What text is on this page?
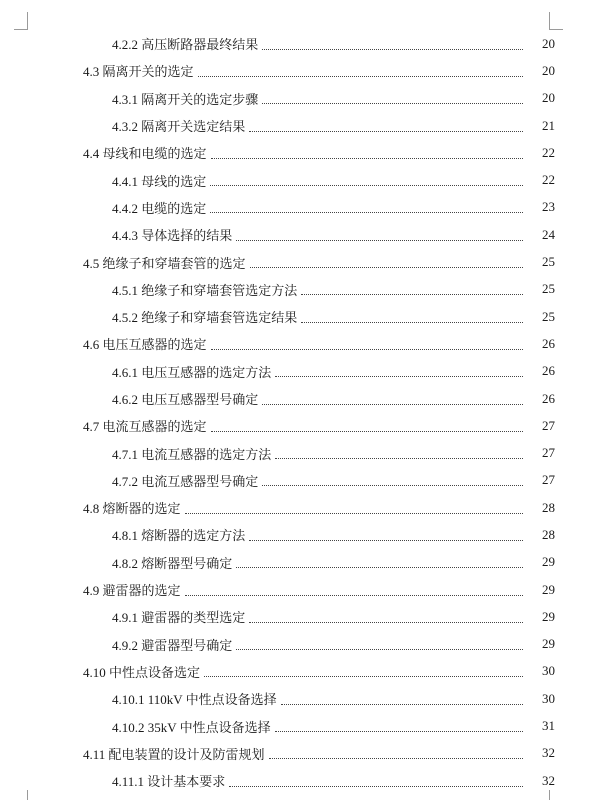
4.2.2 高压断路器最终结果	20
4.3 隔离开关的选定	20
4.3.1 隔离开关的选定步骤	20
4.3.2 隔离开关选定结果	21
4.4 母线和电缆的选定	22
4.4.1 母线的选定	22
4.4.2 电缆的选定	23
4.4.3 导体选择的结果	24
4.5 绝缘子和穿墙套管的选定	25
4.5.1 绝缘子和穿墙套管选定方法	25
4.5.2 绝缘子和穿墙套管选定结果	25
4.6 电压互感器的选定	26
4.6.1 电压互感器的选定方法	26
4.6.2 电压互感器型号确定	26
4.7 电流互感器的选定	27
4.7.1 电流互感器的选定方法	27
4.7.2 电流互感器型号确定	27
4.8 熔断器的选定	28
4.8.1 熔断器的选定方法	28
4.8.2 熔断器型号确定	29
4.9 避雷器的选定	29
4.9.1 避雷器的类型选定	29
4.9.2 避雷器型号确定	29
4.10 中性点设备选定	30
4.10.1 110kV 中性点设备选择	30
4.10.2 35kV 中性点设备选择	31
4.11 配电装置的设计及防雷规划	32
4.11.1 设计基本要求	32
